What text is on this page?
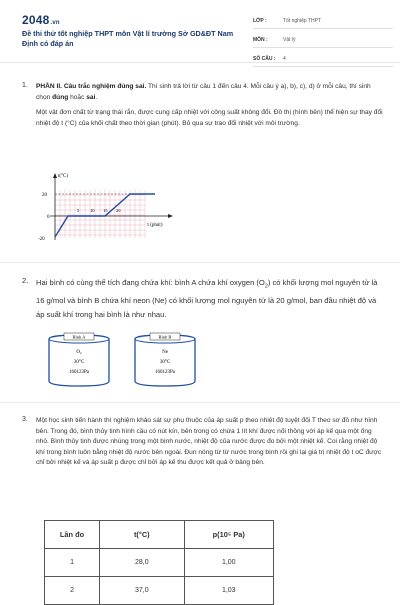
2048.vn
Đề thi thử tốt nghiệp THPT môn Vật lí trường Sở GD&ĐT Nam Định có đáp án
LỚP :	Tốt nghiệp THPT
MÔN :	Vật lý
SỐ CÂU :	4
1. PHẦN II. Câu trắc nghiệm đúng sai. Thí sinh trả lời từ câu 1 đến câu 4. Mỗi câu ý a), b), c), d) ở mỗi câu, thí sinh chọn đúng hoặc sai.

Một vật đơn chất từ trạng thái rắn, được cung cấp nhiệt với công suất không đổi. Đồ thị (hình bên) thể hiện sự thay đổi nhiệt độ t (°C) của khối chất theo thời gian (phút). Bỏ qua sự trao đổi nhiệt với môi trường.

t(°C)
τ (phút)
20
0
-20
5 10 15 20
2. Hai bình có cùng thể tích đang chứa khí: bình A chứa khí oxygen $(O_2)$ có khối lượng mol nguyên tử là 16 g/mol và bình B chứa khí neon (Ne) có khối lượng mol nguyên tử là 20 g/mol, ban đầu nhiệt độ và áp suất khí trong hai bình là như nhau.
Bình A
O₂
30°C
160123Pa
Bình B
Ne
30°C
160123Pa
3. Một học sinh tiến hành thí nghiệm khảo sát sự phụ thuộc của áp suất p theo nhiệt độ tuyệt đối T theo sơ đồ như hình bên. Trong đó, bình thủy tinh hình cầu có nút kín, bên trong có chứa 1 lít khí được nối thông với áp kế qua một ống nhỏ. Bình thủy tinh được nhúng trong một bình nước, nhiệt độ của nước được đo bởi một nhiệt kế. Coi rằng nhiệt độ khí trong bình luôn bằng nhiệt độ nước bên ngoài. Đun nóng từ từ nước trong bình rồi ghi lại giá trị nhiệt độ t oC được chỉ bởi nhiệt kế và áp suất p được chỉ bởi áp kế thu được kết quả ở bảng bên.
Lần đo	t(°C)	p(10⁵ Pa)
1	28,0	1,00
2	37,0	1,03
